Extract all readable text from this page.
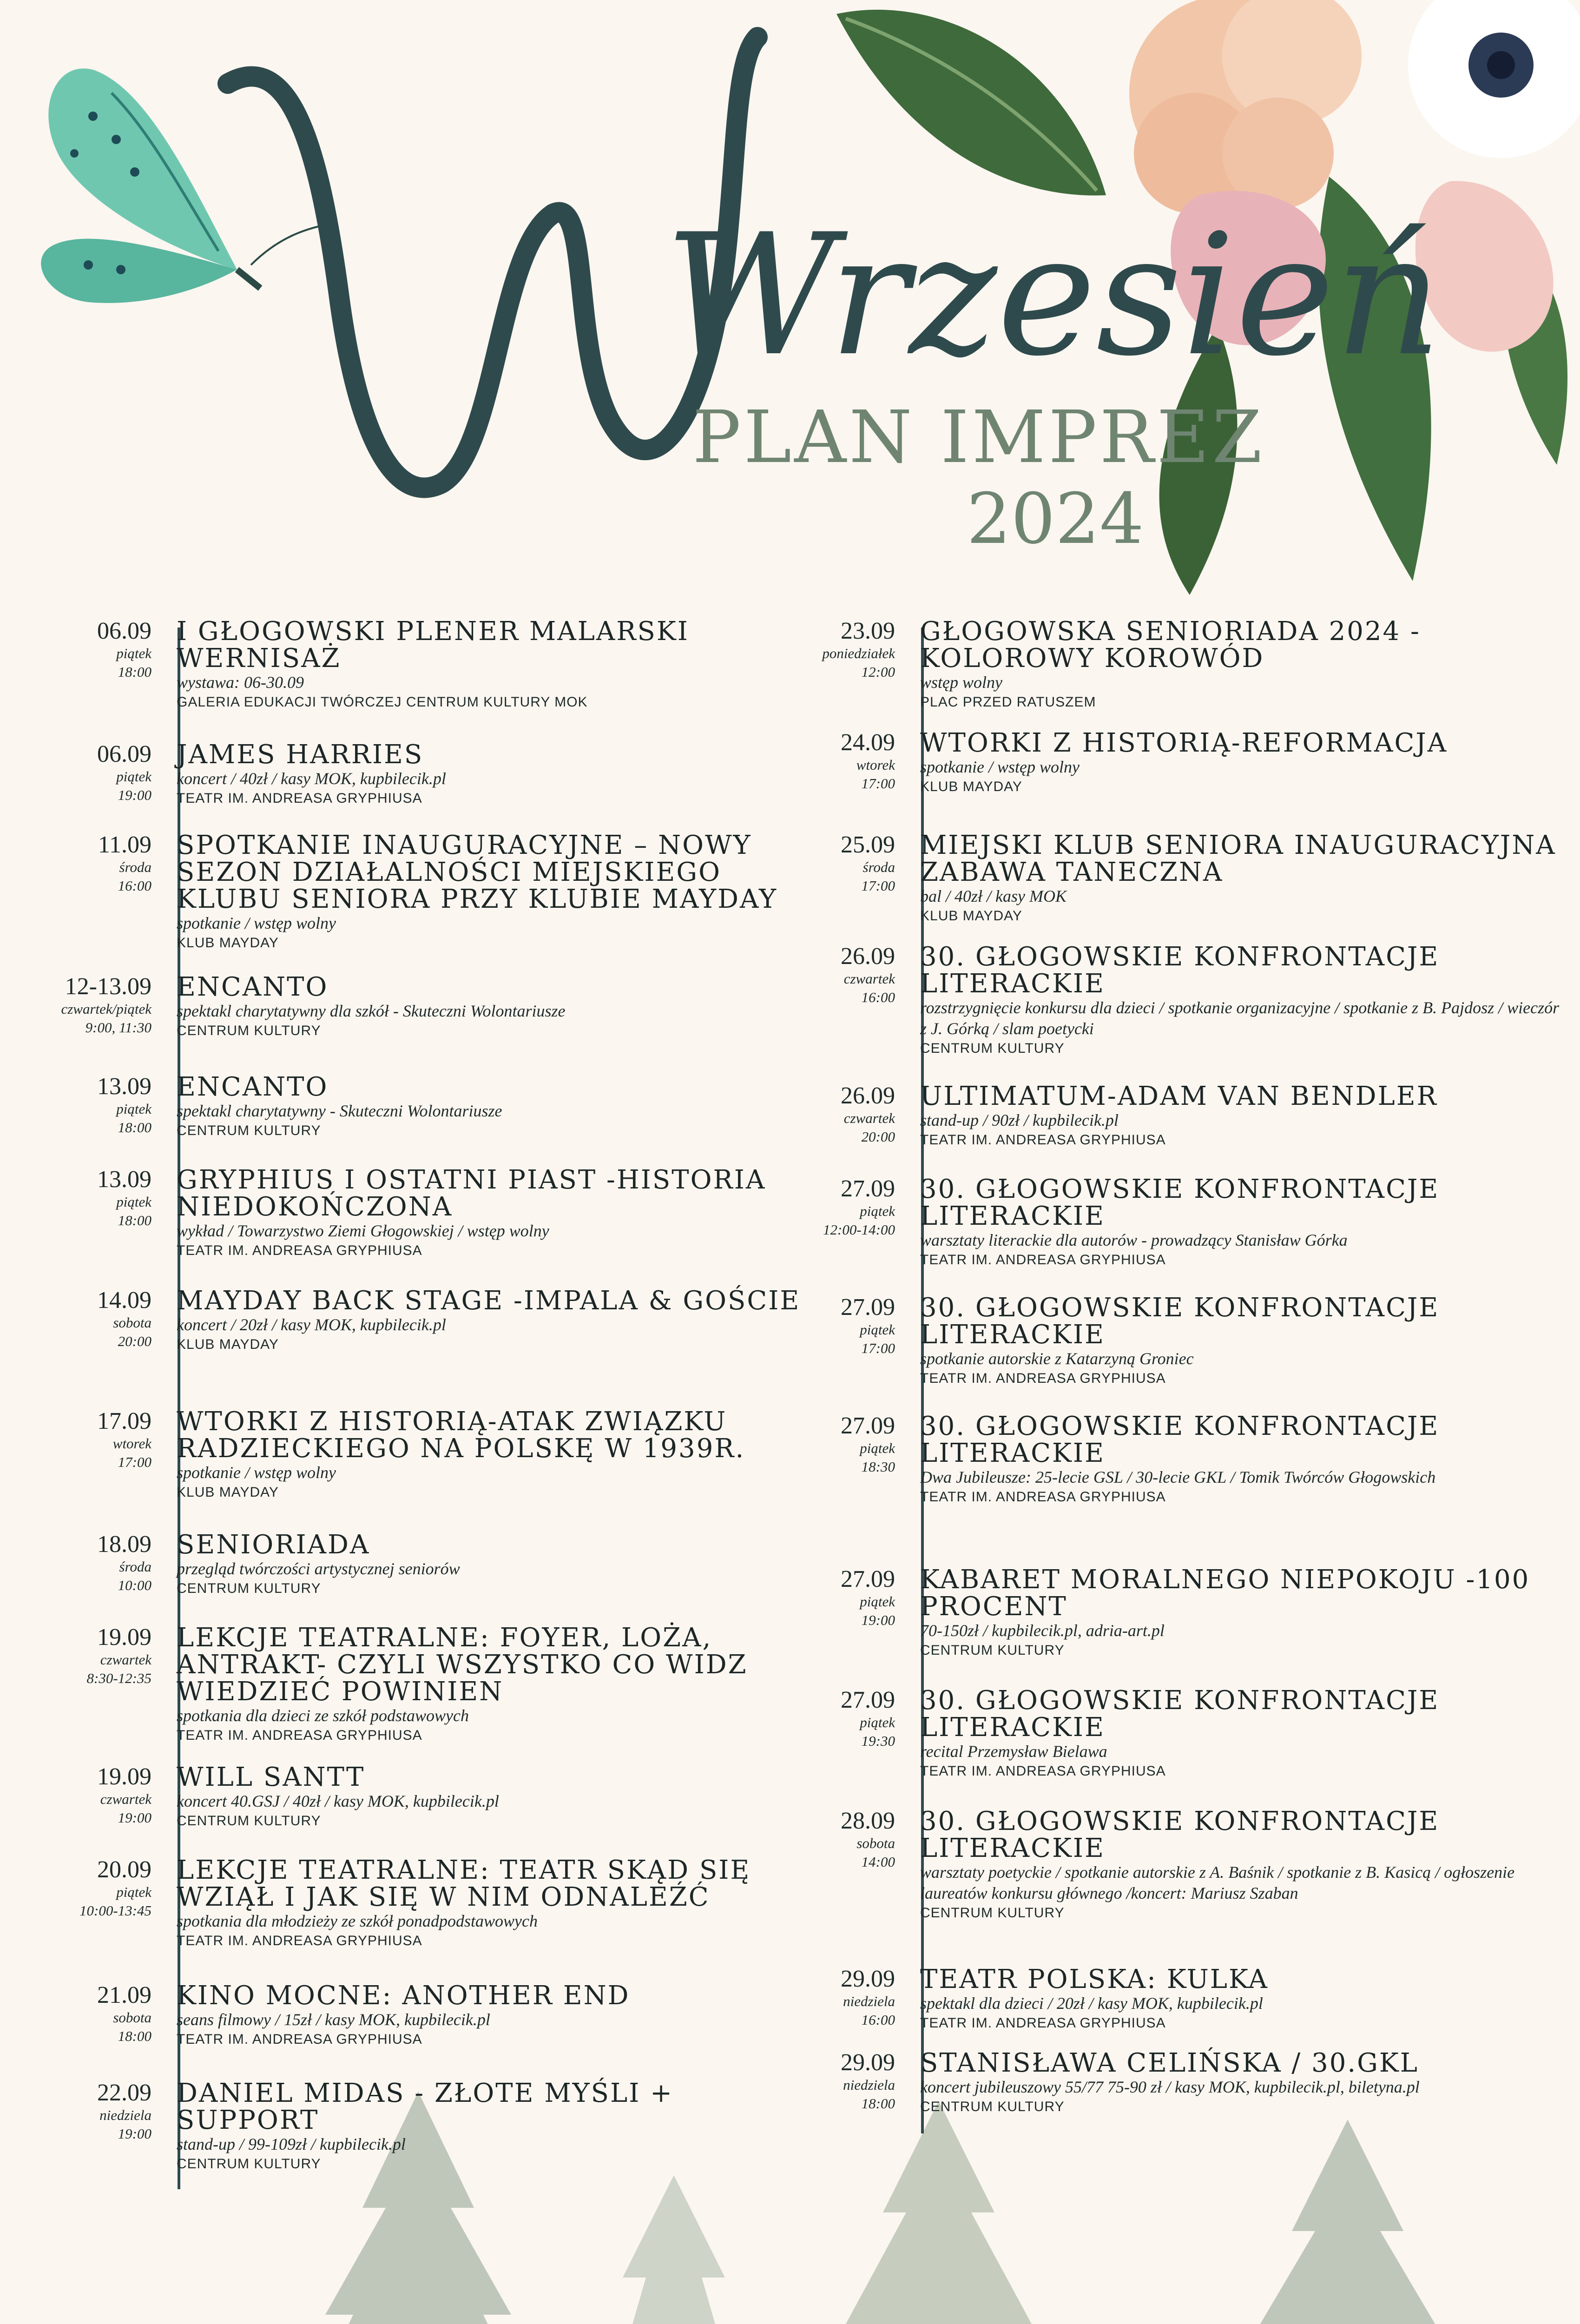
Wrzesień
PLAN IMPREZ
2024
06.09
piątek
18:00
I GŁOGOWSKI PLENER MALARSKI WERNISAŻ
wystawa: 06-30.09
GALERIA EDUKACJI TWÓRCZEJ CENTRUM KULTURY MOK
06.09
piątek
19:00
JAMES HARRIES
koncert / 40zł / kasy MOK, kupbilecik.pl
TEATR IM. ANDREASA GRYPHIUSA
11.09
środa
16:00
SPOTKANIE INAUGURACYJNE – NOWY SEZON DZIAŁALNOŚCI MIEJSKIEGO KLUBU SENIORA PRZY KLUBIE MAYDAY
spotkanie / wstęp wolny
KLUB MAYDAY
12-13.09
czwartek/piątek
9:00, 11:30
ENCANTO
spektakl charytatywny dla szkół - Skuteczni Wolontariusze
CENTRUM KULTURY
13.09
piątek
18:00
ENCANTO
spektakl charytatywny - Skuteczni Wolontariusze
CENTRUM KULTURY
13.09
piątek
18:00
GRYPHIUS I OSTATNI PIAST -HISTORIA NIEDOKOŃCZONA
wykład / Towarzystwo Ziemi Głogowskiej / wstęp wolny
TEATR IM. ANDREASA GRYPHIUSA
14.09
sobota
20:00
MAYDAY BACK STAGE -IMPALA & GOŚCIE
koncert / 20zł / kasy MOK, kupbilecik.pl
KLUB MAYDAY
17.09
wtorek
17:00
WTORKI Z HISTORIĄ-ATAK ZWIĄZKU RADZIECKIEGO NA POLSKĘ W 1939R.
spotkanie / wstęp wolny
KLUB MAYDAY
18.09
środa
10:00
SENIORIADA
przegląd twórczości artystycznej seniorów
CENTRUM KULTURY
19.09
czwartek
8:30-12:35
LEKCJE TEATRALNE: FOYER, LOŻA, ANTRAKT- CZYLI WSZYSTKO CO WIDZ WIEDZIEĆ POWINIEN
spotkania dla dzieci ze szkół podstawowych
TEATR IM. ANDREASA GRYPHIUSA
19.09
czwartek
19:00
WILL SANTT
koncert 40.GSJ / 40zł / kasy MOK, kupbilecik.pl
CENTRUM KULTURY
20.09
piątek
10:00-13:45
LEKCJE TEATRALNE: TEATR SKĄD SIĘ WZIĄŁ I JAK SIĘ W NIM ODNALEŹĆ
spotkania dla młodzieży ze szkół ponadpodstawowych
TEATR IM. ANDREASA GRYPHIUSA
21.09
sobota
18:00
KINO MOCNE: ANOTHER END
seans filmowy / 15zł / kasy MOK, kupbilecik.pl
TEATR IM. ANDREASA GRYPHIUSA
22.09
niedziela
19:00
DANIEL MIDAS - ZŁOTE MYŚLI + SUPPORT
stand-up / 99-109zł / kupbilecik.pl
CENTRUM KULTURY
23.09
poniedziałek
12:00
GŁOGOWSKA SENIORIADA 2024 -KOLOROWY KOROWÓD
wstęp wolny
PLAC PRZED RATUSZEM
24.09
wtorek
17:00
WTORKI Z HISTORIĄ-REFORMACJA
spotkanie / wstęp wolny
KLUB MAYDAY
25.09
środa
17:00
MIEJSKI KLUB SENIORA INAUGURACYJNA ZABAWA TANECZNA
bal / 40zł / kasy MOK
KLUB MAYDAY
26.09
czwartek
16:00
30. GŁOGOWSKIE KONFRONTACJE LITERACKIE
rozstrzygnięcie konkursu dla dzieci / spotkanie organizacyjne / spotkanie z B. Pajdosz / wieczór z J. Górką / slam poetycki
CENTRUM KULTURY
26.09
czwartek
20:00
ULTIMATUM-ADAM VAN BENDLER
stand-up / 90zł / kupbilecik.pl
TEATR IM. ANDREASA GRYPHIUSA
27.09
piątek
12:00-14:00
30. GŁOGOWSKIE KONFRONTACJE LITERACKIE
warsztaty literackie dla autorów - prowadzący Stanisław Górka
TEATR IM. ANDREASA GRYPHIUSA
27.09
piątek
17:00
30. GŁOGOWSKIE KONFRONTACJE LITERACKIE
spotkanie autorskie z Katarzyną Groniec
TEATR IM. ANDREASA GRYPHIUSA
27.09
piątek
18:30
30. GŁOGOWSKIE KONFRONTACJE LITERACKIE
Dwa Jubileusze: 25-lecie GSL / 30-lecie GKL / Tomik Twórców Głogowskich
TEATR IM. ANDREASA GRYPHIUSA
27.09
piątek
19:00
KABARET MORALNEGO NIEPOKOJU -100 PROCENT
70-150zł / kupbilecik.pl, adria-art.pl
CENTRUM KULTURY
27.09
piątek
19:30
30. GŁOGOWSKIE KONFRONTACJE LITERACKIE
recital Przemysław Bielawa
TEATR IM. ANDREASA GRYPHIUSA
28.09
sobota
14:00
30. GŁOGOWSKIE KONFRONTACJE LITERACKIE
warsztaty poetyckie / spotkanie autorskie z A. Baśnik / spotkanie z B. Kasicą / ogłoszenie laureatów konkursu głównego /koncert: Mariusz Szaban
CENTRUM KULTURY
29.09
niedziela
16:00
TEATR POLSKA: KULKA
spektakl dla dzieci / 20zł / kasy MOK, kupbilecik.pl
TEATR IM. ANDREASA GRYPHIUSA
29.09
niedziela
18:00
STANISŁAWA CELIŃSKA / 30.GKL
koncert jubileuszowy 55/77 75-90 zł / kasy MOK, kupbilecik.pl, biletyna.pl
CENTRUM KULTURY
